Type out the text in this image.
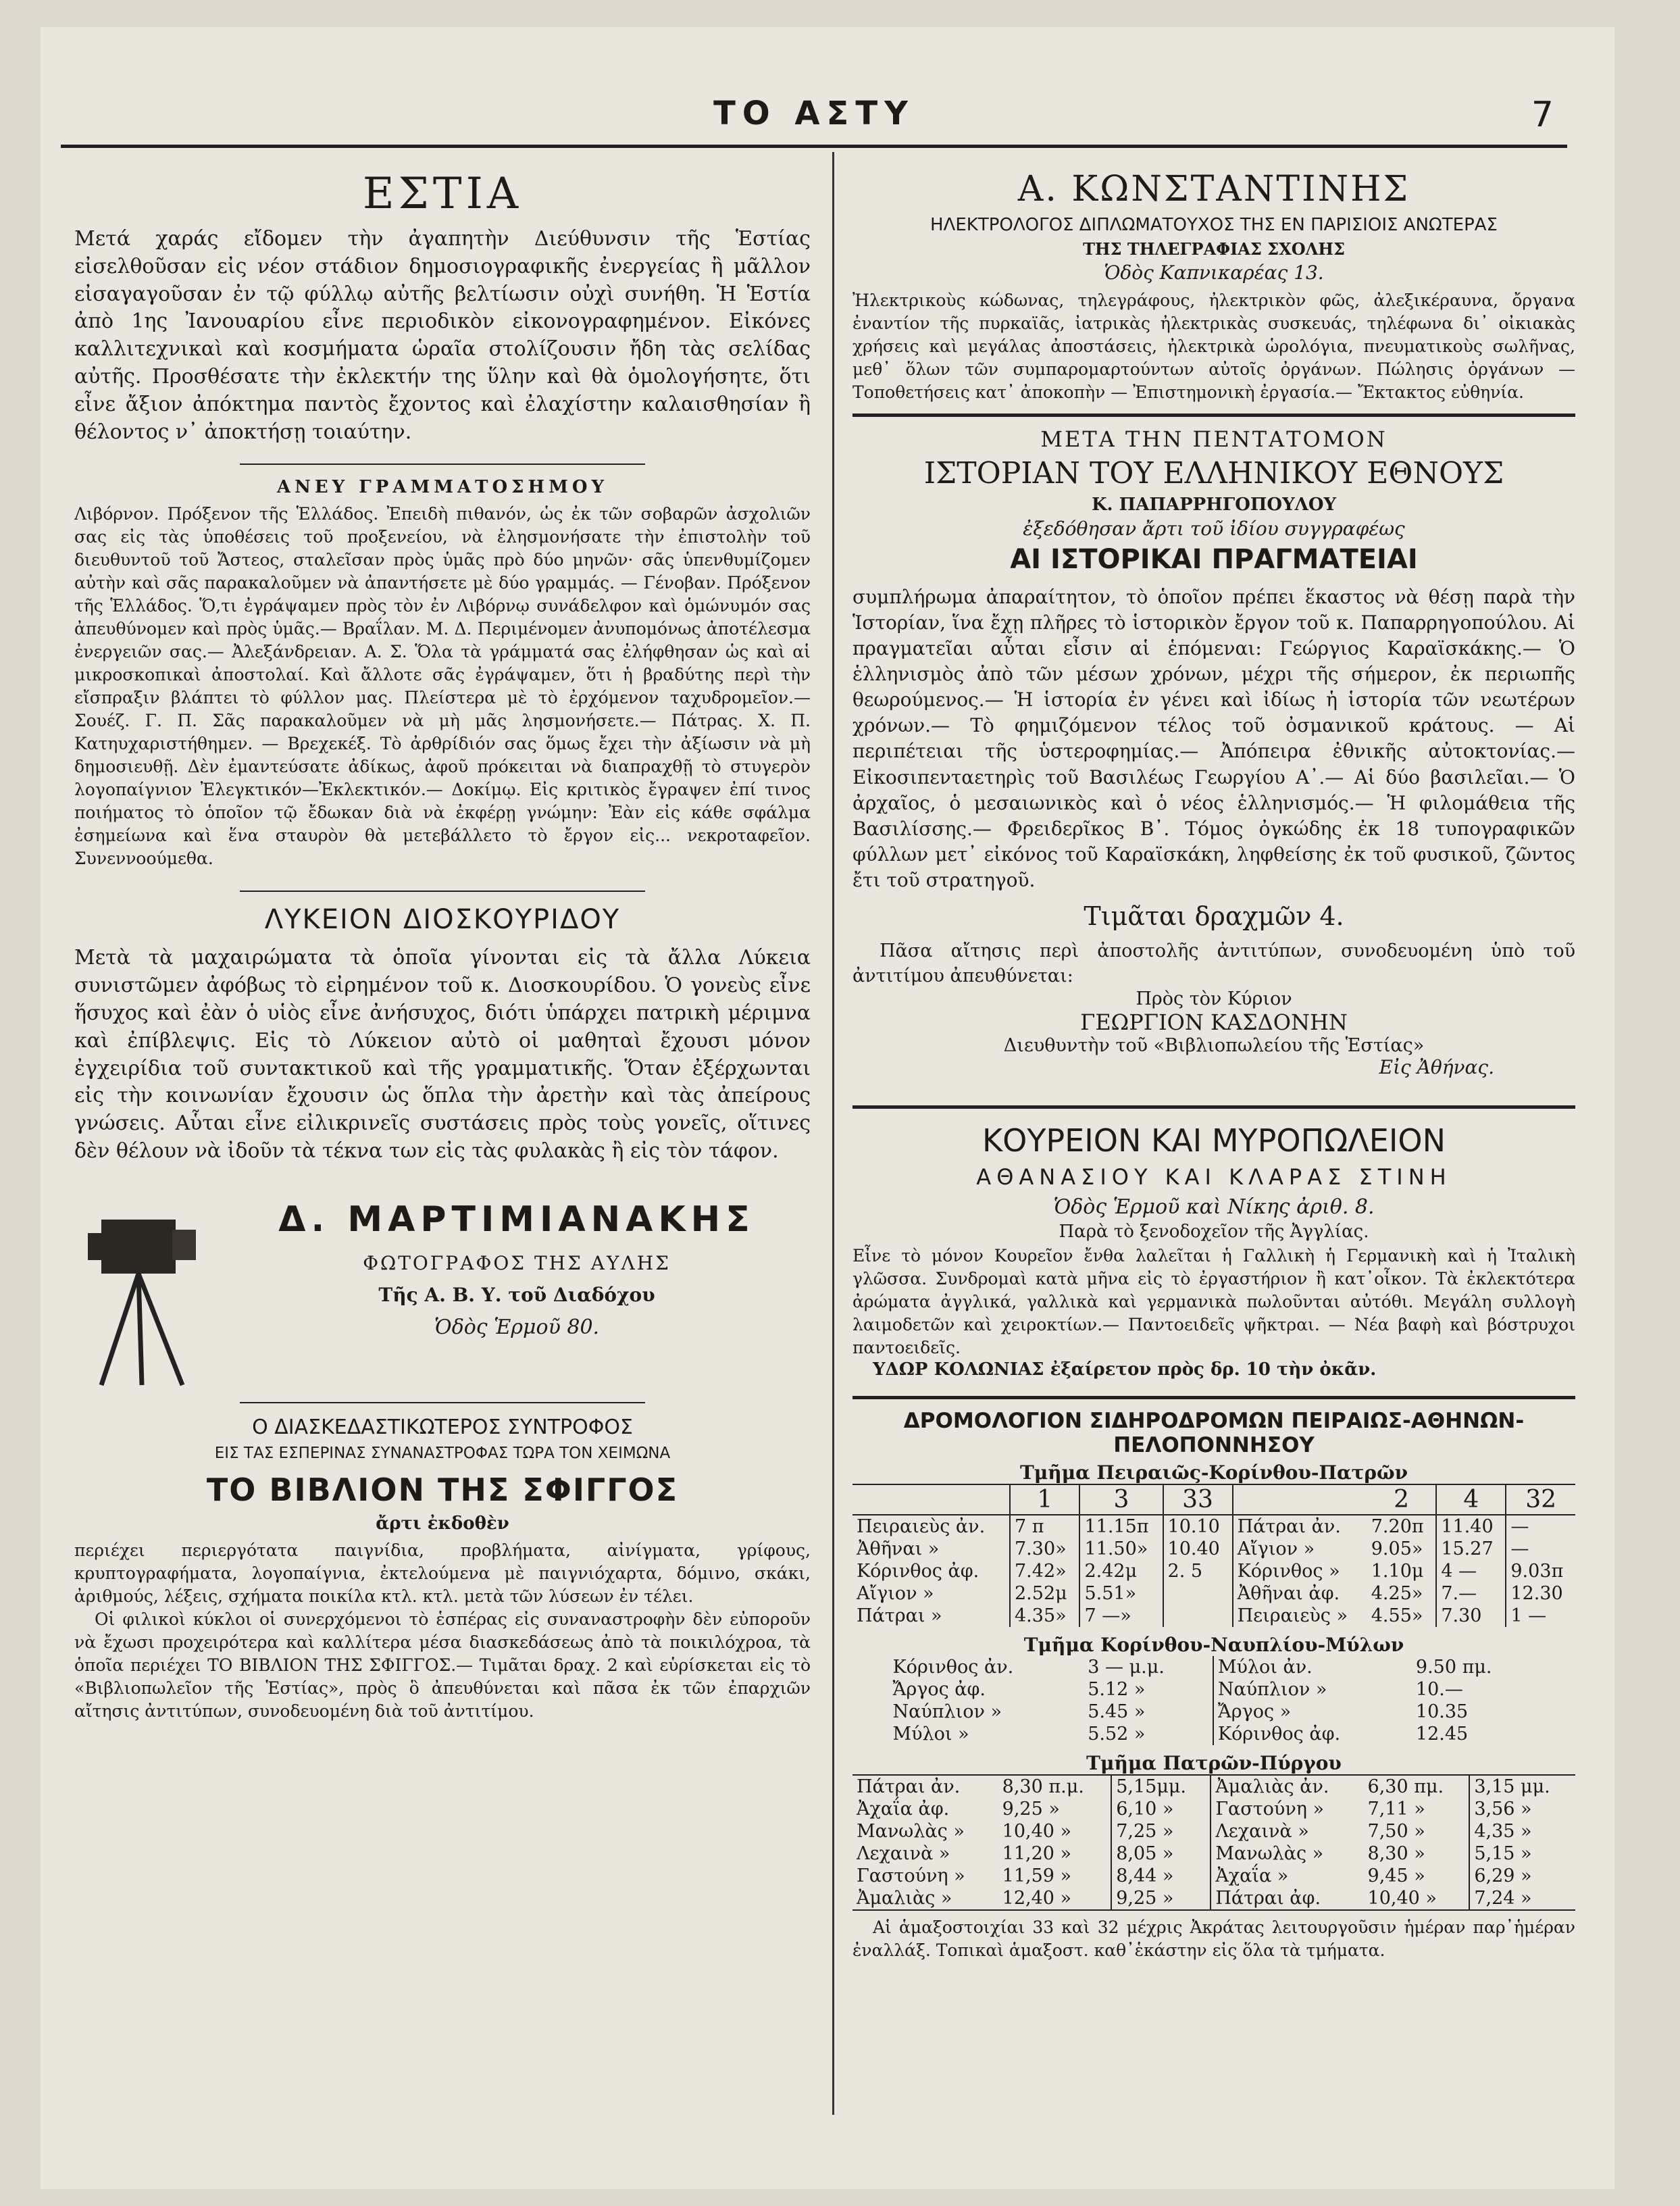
ΤΟ ΑΣΤΥ	7
ΕΣΤΙΑ

Μετά χαράς εἴδομεν τὴν ἀγαπητὴν Διεύθυνσιν τῆς Ἑστίας εἰσελθοῦσαν εἰς νέον στάδιον δημοσιογραφικῆς ἐνεργείας ἢ μᾶλλον εἰσαγαγοῦσαν ἐν τῷ φύλλῳ αὐτῆς βελτίωσιν οὐχὶ συνήθη. Ἡ Ἑστία ἀπὸ 1ης Ἰανουαρίου εἶνε περιοδικὸν εἰκονογραφημένον. Εἰκόνες καλλιτεχνικαὶ καὶ κοσμήματα ὡραῖα στολίζουσιν ἤδη τὰς σελίδας αὐτῆς. Προσθέσατε τὴν ἐκλεκτήν της ὕλην καὶ θὰ ὁμολογήσητε, ὅτι εἶνε ἄξιον ἀπόκτημα παντὸς ἔχοντος καὶ ἐλαχίστην καλαισθησίαν ἢ θέλοντος ν᾽ ἀποκτήσῃ τοιαύτην.

ΑΝΕΥ ΓΡΑΜΜΑΤΟΣΗΜΟΥ

Λιβόρνον. Πρόξενον τῆς Ἑλλάδος. Ἐπειδὴ πιθανόν, ὡς ἐκ τῶν σοβαρῶν ἀσχολιῶν σας εἰς τὰς ὑποθέσεις τοῦ προξενείου, νὰ ἐλησμονήσατε τὴν ἐπιστολὴν τοῦ διευθυντοῦ τοῦ Ἄστεος, σταλεῖσαν πρὸς ὑμᾶς πρὸ δύο μηνῶν· σᾶς ὑπενθυμίζομεν αὐτὴν καὶ σᾶς παρακαλοῦμεν νὰ ἀπαντήσετε μὲ δύο γραμμάς. — Γένοβαν. Πρόξενον τῆς Ἑλλάδος. Ὅ,τι ἐγράψαμεν πρὸς τὸν ἐν Λιβόρνῳ συνάδελφον καὶ ὁμώνυμόν σας ἀπευθύνομεν καὶ πρὸς ὑμᾶς.— Βραΐλαν. Μ. Δ. Περιμένομεν ἀνυπομόνως ἀποτέλεσμα ἐνεργειῶν σας.— Ἀλεξάνδρειαν. Α. Σ. Ὅλα τὰ γράμματά σας ἐλήφθησαν ὡς καὶ αἱ μικροσκοπικαὶ ἀποστολαί. Καὶ ἄλλοτε σᾶς ἐγράψαμεν, ὅτι ἡ βραδύτης περὶ τὴν εἴσπραξιν βλάπτει τὸ φύλλον μας. Πλείστερα μὲ τὸ ἐρχόμενον ταχυδρομεῖον.— Σουέζ. Γ. Π. Σᾶς παρακαλοῦμεν νὰ μὴ μᾶς λησμονήσετε.— Πάτρας. Χ. Π. Κατηυχαριστήθημεν. — Βρεχεκέξ. Τὸ ἀρθρίδιόν σας ὅμως ἔχει τὴν ἀξίωσιν νὰ μὴ δημοσιευθῇ. Δὲν ἐμαντεύσατε ἀδίκως, ἀφοῦ πρόκειται νὰ διαπραχθῇ τὸ στυγερὸν λογοπαίγνιον Ἐλεγκτικόν—Ἐκλεκτικόν.— Δοκίμῳ. Εἰς κριτικὸς ἔγραψεν ἐπί τινος ποιήματος τὸ ὁποῖον τῷ ἔδωκαν διὰ νὰ ἐκφέρῃ γνώμην: Ἐὰν εἰς κάθε σφάλμα ἐσημείωνα καὶ ἕνα σταυρὸν θὰ μετεβάλλετο τὸ ἔργον εἰς... νεκροταφεῖον. Συνεννοούμεθα.

ΛΥΚΕΙΟΝ ΔΙΟΣΚΟΥΡΙΔΟΥ

Μετὰ τὰ μαχαιρώματα τὰ ὁποῖα γίνονται εἰς τὰ ἄλλα Λύκεια συνιστῶμεν ἀφόβως τὸ εἰρημένον τοῦ κ. Διοσκουρίδου. Ὁ γονεὺς εἶνε ἥσυχος καὶ ἐὰν ὁ υἱὸς εἶνε ἀνήσυχος, διότι ὑπάρχει πατρικὴ μέριμνα καὶ ἐπίβλεψις. Εἰς τὸ Λύκειον αὐτὸ οἱ μαθηταὶ ἔχουσι μόνον ἐγχειρίδια τοῦ συντακτικοῦ καὶ τῆς γραμματικῆς. Ὅταν ἐξέρχωνται εἰς τὴν κοινωνίαν ἔχουσιν ὡς ὅπλα τὴν ἀρετὴν καὶ τὰς ἀπείρους γνώσεις. Αὗται εἶνε εἰλικρινεῖς συστάσεις πρὸς τοὺς γονεῖς, οἵτινες δὲν θέλουν νὰ ἰδοῦν τὰ τέκνα των εἰς τὰς φυλακὰς ἢ εἰς τὸν τάφον.

Δ. ΜΑΡΤΙΜΙΑΝΑΚΗΣ
ΦΩΤΟΓΡΑΦΟΣ ΤΗΣ ΑΥΛΗΣ
Τῆς Α. Β. Υ. τοῦ Διαδόχου
Ὁδὸς Ἑρμοῦ 80.
Ο ΔΙΑΣΚΕΔΑΣΤΙΚΩΤΕΡΟΣ ΣΥΝΤΡΟΦΟΣ
ΕΙΣ ΤΑΣ ΕΣΠΕΡΙΝΑΣ ΣΥΝΑΝΑΣΤΡΟΦΑΣ ΤΩΡΑ ΤΟΝ ΧΕΙΜΩΝΑ
ΤΟ ΒΙΒΛΙΟΝ ΤΗΣ ΣΦΙΓΓΟΣ
ἄρτι ἐκδοθὲν

περιέχει περιεργότατα παιγνίδια, προβλήματα, αἰνίγματα, γρίφους, κρυπτογραφήματα, λογοπαίγνια, ἐκτελούμενα μὲ παιγνιόχαρτα, δόμινο, σκάκι, ἀριθμούς, λέξεις, σχήματα ποικίλα κτλ. κτλ. μετὰ τῶν λύσεων ἐν τέλει.

Οἱ φιλικοὶ κύκλοι οἱ συνερχόμενοι τὸ ἑσπέρας εἰς συναναστροφὴν δὲν εὐποροῦν νὰ ἔχωσι προχειρότερα καὶ καλλίτερα μέσα διασκεδάσεως ἀπὸ τὰ ποικιλόχροα, τὰ ὁποῖα περιέχει ΤΟ ΒΙΒΛΙΟΝ ΤΗΣ ΣΦΙΓΓΟΣ.— Τιμᾶται δραχ. 2 καὶ εὑρίσκεται εἰς τὸ «Βιβλιοπωλεῖον τῆς Ἑστίας», πρὸς ὃ ἀπευθύνεται καὶ πᾶσα ἐκ τῶν ἐπαρχιῶν αἴτησις ἀντιτύπων, συνοδευομένη διὰ τοῦ ἀντιτίμου.

Α. ΚΩΝΣΤΑΝΤΙΝΗΣ
ΗΛΕΚΤΡΟΛΟΓΟΣ ΔΙΠΛΩΜΑΤΟΥΧΟΣ ΤΗΣ ΕΝ ΠΑΡΙΣΙΟΙΣ ΑΝΩΤΕΡΑΣ
ΤΗΣ ΤΗΛΕΓΡΑΦΙΑΣ ΣΧΟΛΗΣ
Ὁδὸς Καπνικαρέας 13.

Ἠλεκτρικοὺς κώδωνας, τηλεγράφους, ἠλεκτρικὸν φῶς, ἀλεξικέραυνα, ὄργανα ἐναντίον τῆς πυρκαϊᾶς, ἰατρικὰς ἠλεκτρικὰς συσκευάς, τηλέφωνα δι᾽ οἰκιακὰς χρήσεις καὶ μεγάλας ἀποστάσεις, ἠλεκτρικὰ ὡρολόγια, πνευματικοὺς σωλῆνας, μεθ᾽ ὅλων τῶν συμπαρομαρτούντων αὐτοῖς ὀργάνων. Πώλησις ὀργάνων — Τοποθετήσεις κατ᾽ ἀποκοπὴν — Ἐπιστημονικὴ ἐργασία.— Ἔκτακτος εὐθηνία.

ΜΕΤΑ ΤΗΝ ΠΕΝΤΑΤΟΜΟΝ
ΙΣΤΟΡΙΑΝ ΤΟΥ ΕΛΛΗΝΙΚΟΥ ΕΘΝΟΥΣ
Κ. ΠΑΠΑΡΡΗΓΟΠΟΥΛΟΥ
ἐξεδόθησαν ἄρτι τοῦ ἰδίου συγγραφέως
ΑΙ ΙΣΤΟΡΙΚΑΙ ΠΡΑΓΜΑΤΕΙΑΙ

συμπλήρωμα ἀπαραίτητον, τὸ ὁποῖον πρέπει ἕκαστος νὰ θέσῃ παρὰ τὴν Ἱστορίαν, ἵνα ἔχῃ πλῆρες τὸ ἱστορικὸν ἔργον τοῦ κ. Παπαρρηγοπούλου. Αἱ πραγματεῖαι αὗται εἶσιν αἱ ἑπόμεναι: Γεώργιος Καραϊσκάκης.— Ὁ ἑλληνισμὸς ἀπὸ τῶν μέσων χρόνων, μέχρι τῆς σήμερον, ἐκ περιωπῆς θεωρούμενος.— Ἡ ἱστορία ἐν γένει καὶ ἰδίως ἡ ἱστορία τῶν νεωτέρων χρόνων.— Τὸ φημιζόμενον τέλος τοῦ ὀσμανικοῦ κράτους. — Αἱ περιπέτειαι τῆς ὑστεροφημίας.— Ἀπόπειρα ἐθνικῆς αὐτοκτονίας.—Εἰκοσιπενταετηρὶς τοῦ Βασιλέως Γεωργίου Α᾽.— Αἱ δύο βασιλεῖαι.— Ὁ ἀρχαῖος, ὁ μεσαιωνικὸς καὶ ὁ νέος ἑλληνισμός.— Ἡ φιλομάθεια τῆς Βασιλίσσης.— Φρειδερῖκος Β᾽. Τόμος ὀγκώδης ἐκ 18 τυπογραφικῶν φύλλων μετ᾽ εἰκόνος τοῦ Καραϊσκάκη, ληφθείσης ἐκ τοῦ φυσικοῦ, ζῶντος ἔτι τοῦ στρατηγοῦ.

Τιμᾶται δραχμῶν 4.

Πᾶσα αἴτησις περὶ ἀποστολῆς ἀντιτύπων, συνοδευομένη ὑπὸ τοῦ ἀντιτίμου ἀπευθύνεται:

Πρὸς τὸν Κύριον
ΓΕΩΡΓΙΟΝ ΚΑΣΔΟΝΗΝ
Διευθυντὴν τοῦ «Βιβλιοπωλείου τῆς Ἑστίας»
Εἰς Ἀθήνας.
ΚΟΥΡΕΙΟΝ ΚΑΙ ΜΥΡΟΠΩΛΕΙΟΝ
ΑΘΑΝΑΣΙΟΥ ΚΑΙ ΚΛΑΡΑΣ ΣΤΙΝΗ
Ὁδὸς Ἑρμοῦ καὶ Νίκης ἀριθ. 8.
Παρὰ τὸ ξενοδοχεῖον τῆς Ἀγγλίας.

Εἶνε τὸ μόνον Κουρεῖον ἔνθα λαλεῖται ἡ Γαλλικὴ ἡ Γερμανικὴ καὶ ἡ Ἰταλικὴ γλῶσσα. Συνδρομαὶ κατὰ μῆνα εἰς τὸ ἐργαστήριον ἢ κατ᾽οἶκον. Τὰ ἐκλεκτότερα ἀρώματα ἀγγλικά, γαλλικὰ καὶ γερμανικὰ πωλοῦνται αὐτόθι. Μεγάλη συλλογὴ λαιμοδετῶν καὶ χειροκτίων.— Παντοειδεῖς ψῆκτραι. — Νέα βαφὴ καὶ βόστρυχοι παντοειδεῖς.

ΥΔΩΡ ΚΟΛΩΝΙΑΣ ἐξαίρετον πρὸς δρ. 10 τὴν ὀκᾶν.
ΔΡΟΜΟΛΟΓΙΟΝ ΣΙΔΗΡΟΔΡΟΜΩΝ ΠΕΙΡΑΙΩΣ-ΑΘΗΝΩΝ-ΠΕΛΟΠΟΝΝΗΣΟΥ
Τμῆμα Πειραιῶς-Κορίνθου-Πατρῶν
	1	3	33		2	4	32
Πειραιεὺς ἀν.	7 π	11.15π	10.10	Πάτραι ἀν.	7.20π	11.40	—
Ἀθῆναι »	7.30»	11.50»	10.40	Αἴγιον »	9.05»	15.27	—
Κόρινθος ἀφ.	7.42»	2.42μ	2. 5	Κόρινθος »	1.10μ	4 —	9.03π
Αἴγιον »	2.52μ	5.51»		Ἀθῆναι ἀφ.	4.25»	7.—	12.30
Πάτραι »	4.35»	7 —»		Πειραιεὺς »	4.55»	7.30	1 —
Τμῆμα Κορίνθου-Ναυπλίου-Μύλων
Κόρινθος ἀν.	3 — μ.μ.	Μύλοι ἀν.	9.50 πμ.
Ἄργος ἀφ.	5.12 »	Ναύπλιον »	10.—
Ναύπλιον »	5.45 »	Ἄργος »	10.35
Μύλοι »	5.52 »	Κόρινθος ἀφ.	12.45
Τμῆμα Πατρῶν-Πύργου
Πάτραι ἀν.	8,30 π.μ.	5,15μμ.	Ἀμαλιὰς ἀν.	6,30 πμ.	3,15 μμ.
Ἀχαΐα ἀφ.	9,25 »	6,10 »	Γαστούνη »	7,11 »	3,56 »
Μανωλὰς »	10,40 »	7,25 »	Λεχαινὰ »	7,50 »	4,35 »
Λεχαινὰ »	11,20 »	8,05 »	Μανωλὰς »	8,30 »	5,15 »
Γαστούνη »	11,59 »	8,44 »	Ἀχαΐα »	9,45 »	6,29 »
Ἀμαλιὰς »	12,40 »	9,25 »	Πάτραι ἀφ.	10,40 »	7,24 »

Αἱ ἁμαξοστοιχίαι 33 καὶ 32 μέχρις Ἀκράτας λειτουργοῦσιν ἡμέραν παρ᾽ἡμέραν ἐναλλάξ. Τοπικαὶ ἁμαξοστ. καθ᾽ἑκάστην εἰς ὅλα τὰ τμήματα.
